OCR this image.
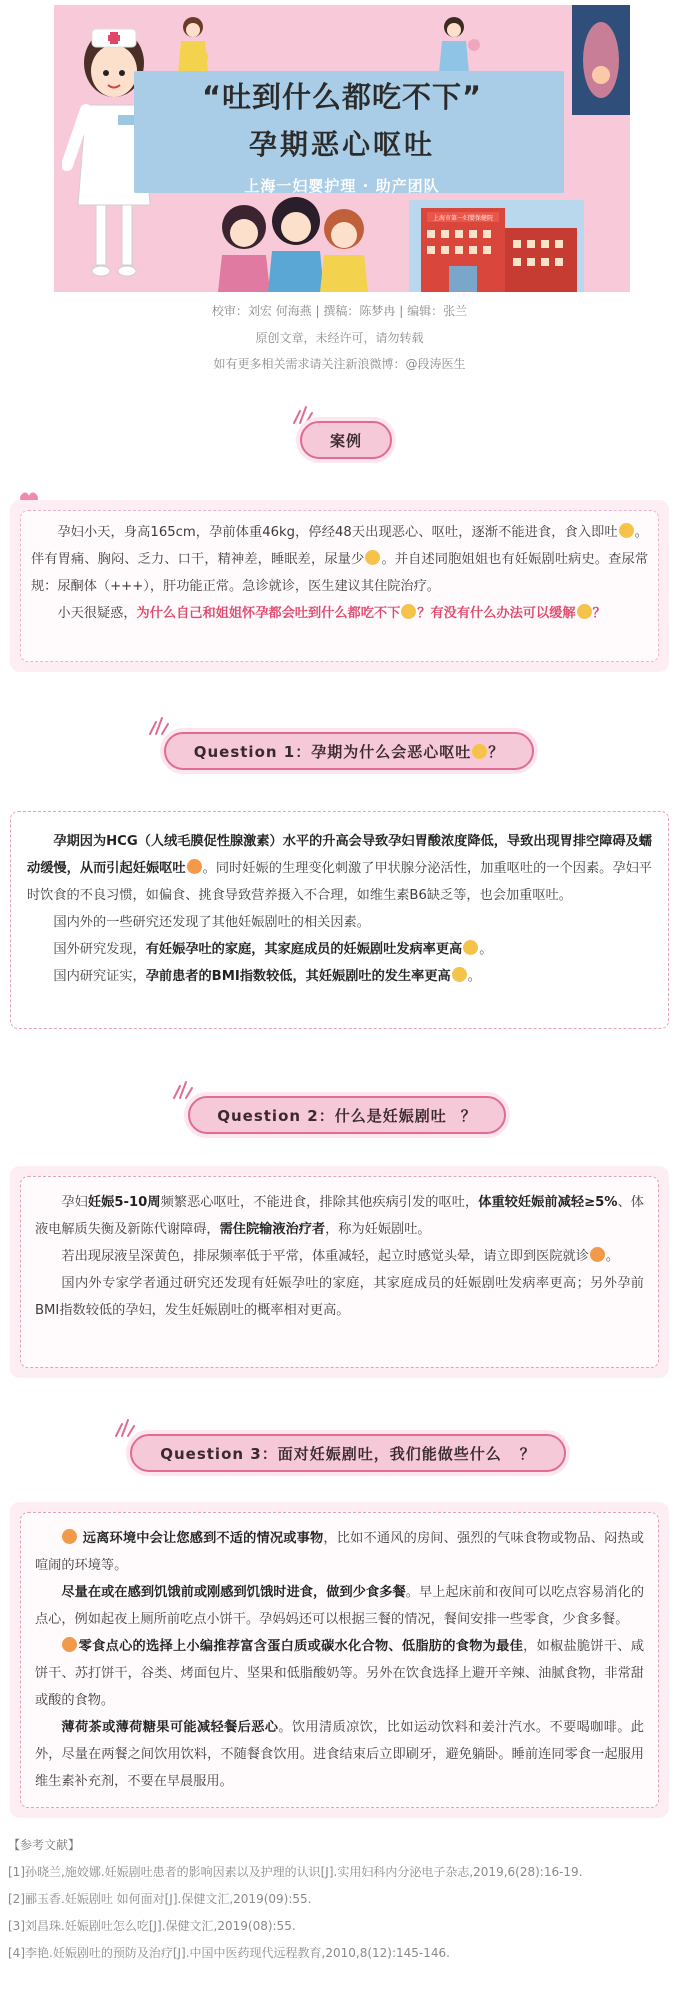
“吐到什么都吃不下”
孕期恶心呕吐
上海一妇婴护理 · 助产团队
上海市第一妇婴保健院
校审：刘宏 何海燕 | 撰稿：陈梦冉 | 编辑：张兰
原创文章，未经许可，请勿转载
如有更多相关需求请关注新浪微博：@段涛医生
案例

孕妇小天，身高165cm，孕前体重46kg，停经48天出现恶心、呕吐，逐渐不能进食，食入即吐 。伴有胃痛、胸闷、乏力、口干，精神差，睡眠差，尿量少 。并自述同胞姐姐也有妊娠剧吐病史。查尿常规：尿酮体（+++），肝功能正常。急诊就诊，医生建议其住院治疗。

小天很疑惑，为什么自己和姐姐怀孕都会吐到什么都吃不下 ？有没有什么办法可以缓解 ？

Question 1：孕期为什么会恶心呕吐 ？

孕期因为HCG（人绒毛膜促性腺激素）水平的升高会导致孕妇胃酸浓度降低，导致出现胃排空障碍及蠕动缓慢，从而引起妊娠呕吐 。同时妊娠的生理变化刺激了甲状腺分泌活性，加重呕吐的一个因素。孕妇平时饮食的不良习惯，如偏食、挑食导致营养摄入不合理，如维生素B6缺乏等，也会加重呕吐。

国内外的一些研究还发现了其他妊娠剧吐的相关因素。

国外研究发现，有妊娠孕吐的家庭，其家庭成员的妊娠剧吐发病率更高 。

国内研究证实，孕前患者的BMI指数较低，其妊娠剧吐的发生率更高 。

Question 2：什么是妊娠剧吐 ？

孕妇妊娠5-10周频繁恶心呕吐，不能进食，排除其他疾病引发的呕吐，体重较妊娠前减轻≥5%、体液电解质失衡及新陈代谢障碍，需住院输液治疗者，称为妊娠剧吐。

若出现尿液呈深黄色，排尿频率低于平常，体重减轻，起立时感觉头晕，请立即到医院就诊 。

国内外专家学者通过研究还发现有妊娠孕吐的家庭，其家庭成员的妊娠剧吐发病率更高；另外孕前BMI指数较低的孕妇，发生妊娠剧吐的概率相对更高。

Question 3：面对妊娠剧吐，我们能做些什么 ？

远离环境中会让您感到不适的情况或事物，比如不通风的房间、强烈的气味食物或物品、闷热或喧闹的环境等。

尽量在或在感到饥饿前或刚感到饥饿时进食，做到少食多餐。早上起床前和夜间可以吃点容易消化的点心，例如起夜上厕所前吃点小饼干。孕妈妈还可以根据三餐的情况，餐间安排一些零食，少食多餐。

零食点心的选择上小编推荐富含蛋白质或碳水化合物、低脂肪的食物为最佳，如椒盐脆饼干、咸饼干、苏打饼干，谷类、烤面包片、坚果和低脂酸奶等。另外在饮食选择上避开辛辣、油腻食物，非常甜或酸的食物。

薄荷茶或薄荷糖果可能减轻餐后恶心。饮用清质凉饮，比如运动饮料和姜汁汽水。不要喝咖啡。此外，尽量在两餐之间饮用饮料，不随餐食饮用。进食结束后立即刷牙，避免躺卧。睡前连同零食一起服用维生素补充剂，不要在早晨服用。

【参考文献】
[1]孙晓兰,施姣娜.妊娠剧吐患者的影响因素以及护理的认识[J].实用妇科内分泌电子杂志,2019,6(28):16-19.
[2]郦玉香.妊娠剧吐 如何面对[J].保健文汇,2019(09):55.
[3]刘昌珠.妊娠剧吐怎么吃[J].保健文汇,2019(08):55.
[4]李艳.妊娠剧吐的预防及治疗[J].中国中医药现代远程教育,2010,8(12):145-146.
